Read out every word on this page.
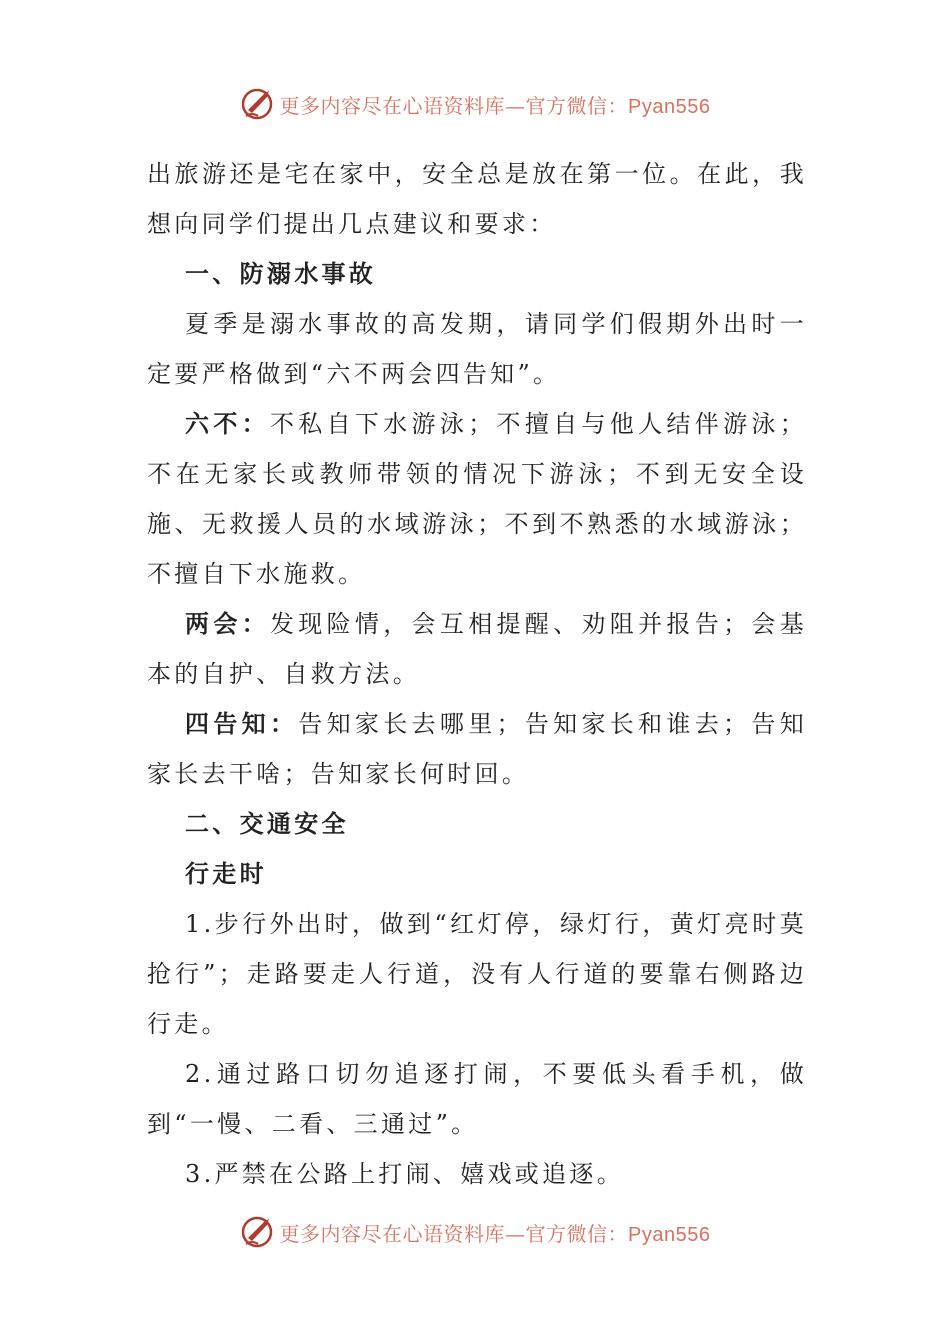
更多内容尽在心语资料库—官方微信：Pyan556

出旅游还是宅在家中，安全总是放在第一位。在此，我想向同学们提出几点建议和要求：

一、防溺水事故

夏季是溺水事故的高发期，请同学们假期外出时一定要严格做到“六不两会四告知”。

六不：不私自下水游泳；不擅自与他人结伴游泳；不在无家长或教师带领的情况下游泳；不到无安全设施、无救援人员的水域游泳；不到不熟悉的水域游泳；不擅自下水施救。

两会：发现险情，会互相提醒、劝阻并报告；会基本的自护、自救方法。

四告知：告知家长去哪里；告知家长和谁去；告知家长去干啥；告知家长何时回。

二、交通安全

行走时

1.步行外出时，做到“红灯停，绿灯行，黄灯亮时莫抢行”；走路要走人行道，没有人行道的要靠右侧路边行走。

2.通过路口切勿追逐打闹，不要低头看手机，做到“一慢、二看、三通过”。

3.严禁在公路上打闹、嬉戏或追逐。

更多内容尽在心语资料库—官方微信：Pyan556
